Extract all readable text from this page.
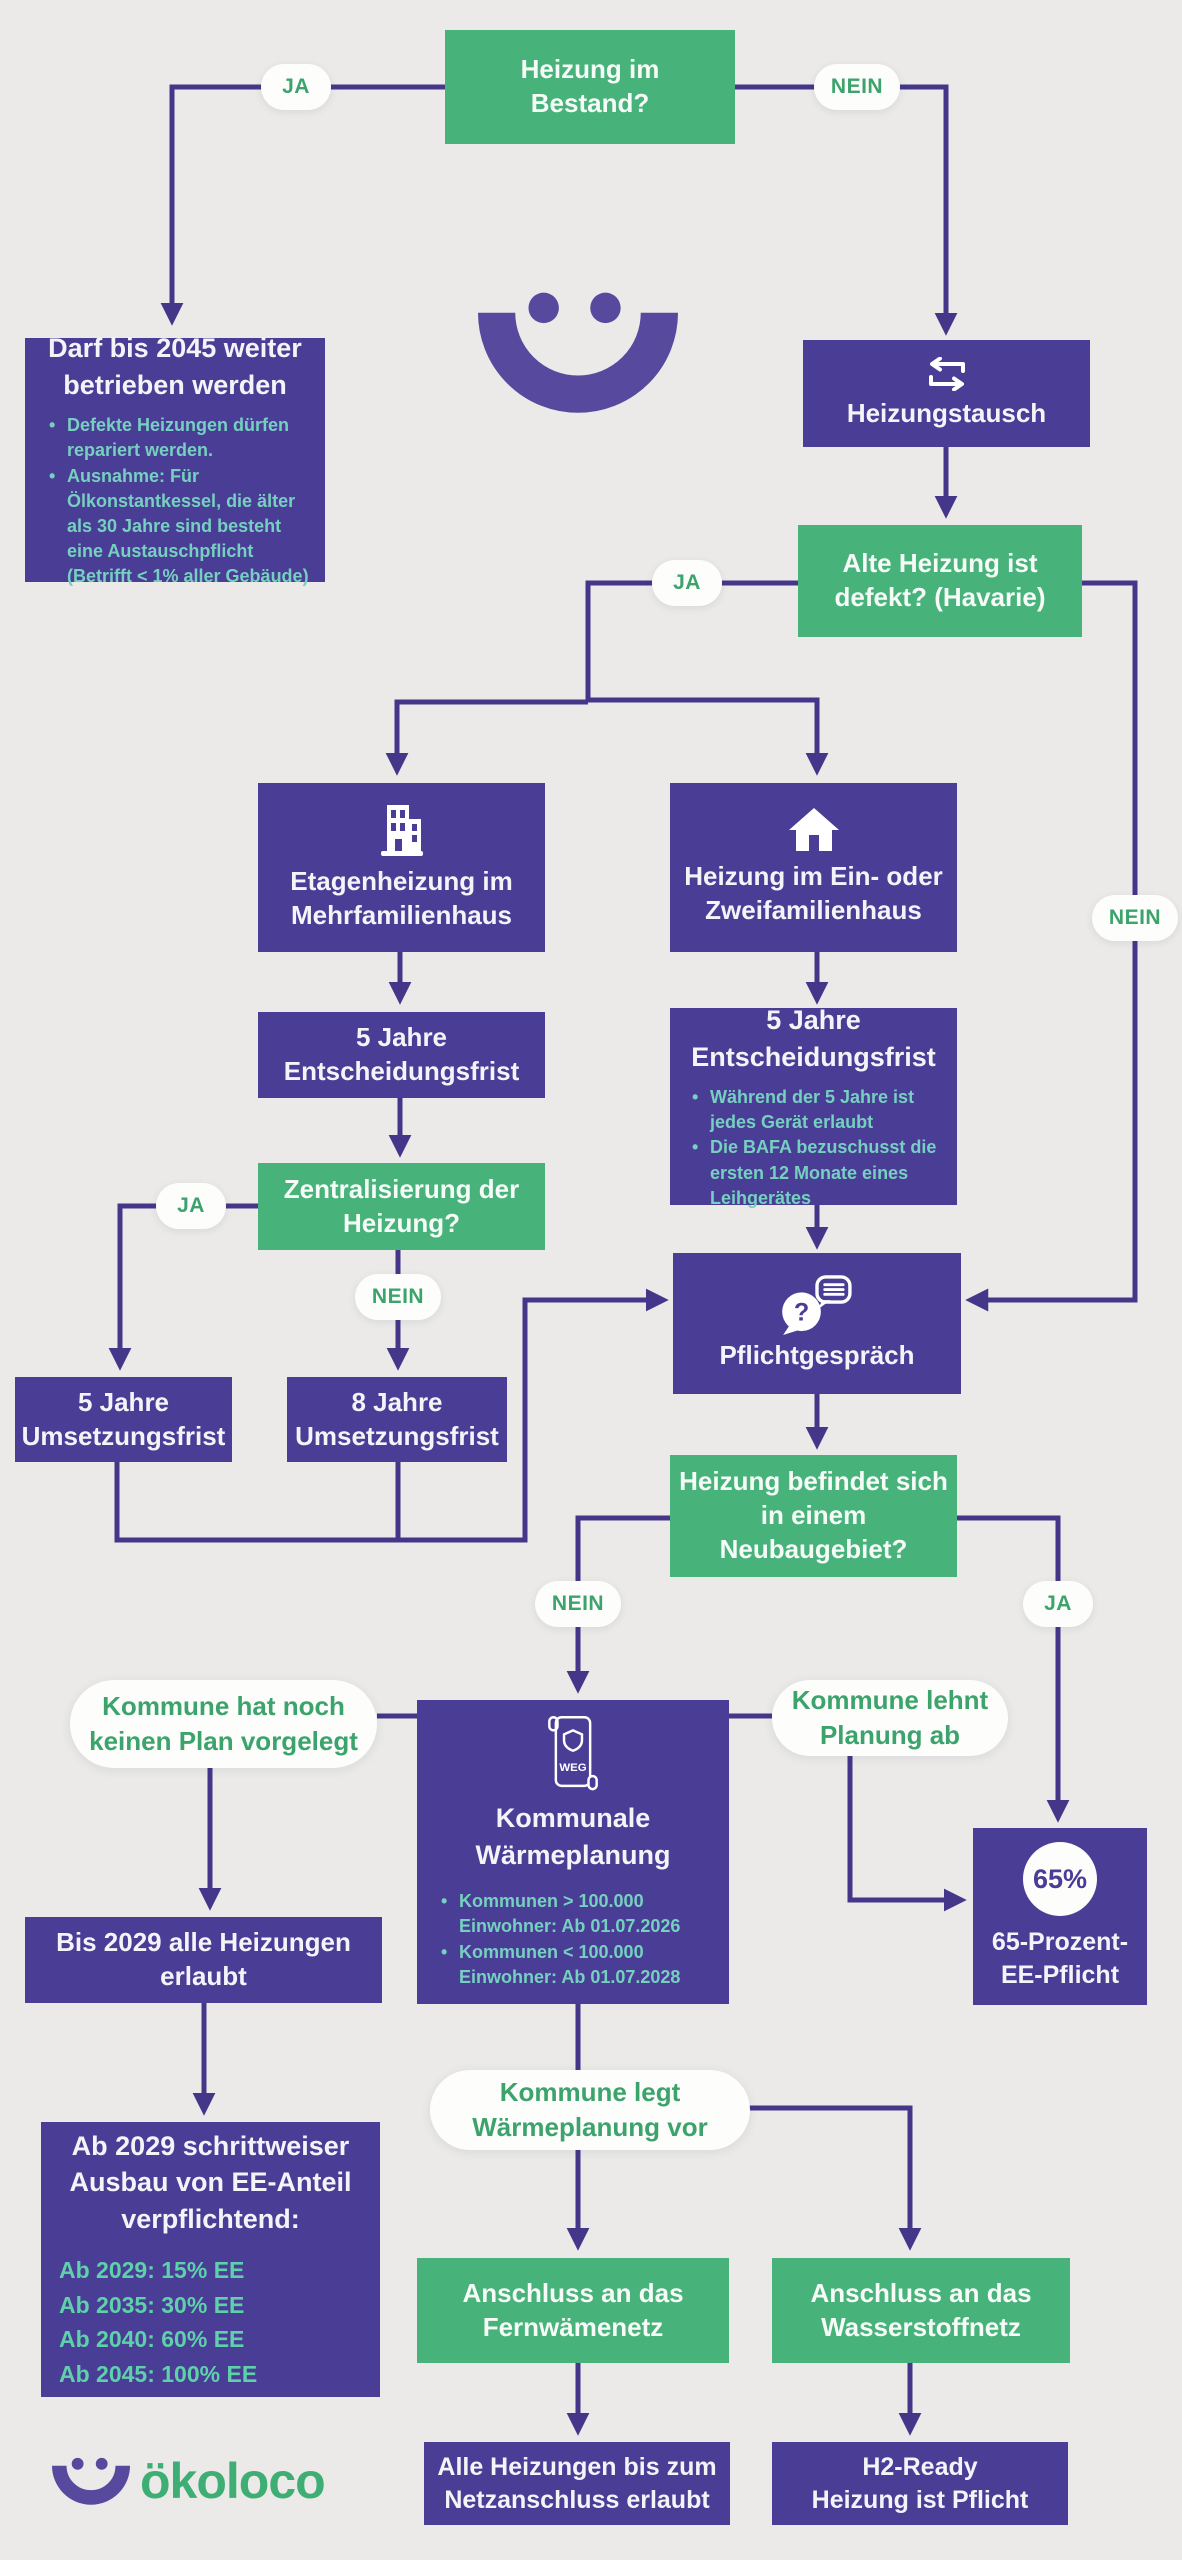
Heizung im Bestand?
Darf bis 2045 weiter betrieben werden
• Defekte Heizungen dürfen repariert werden.
• Ausnahme: Für Ölkonstantkessel, die älter als 30 Jahre sind besteht eine Austauschpflicht (Betrifft < 1% aller Gebäude)
Heizungstausch
Alte Heizung ist defekt? (Havarie)
Etagenheizung im Mehrfamilienhaus
Heizung im Ein- oder Zweifamilienhaus
5 Jahre Entscheidungsfrist
5 Jahre Entscheidungsfrist
• Während der 5 Jahre ist jedes Gerät erlaubt
• Die BAFA bezuschusst die ersten 12 Monate eines Leihgerätes
Zentralisierung der Heizung?
5 Jahre Umsetzungsfrist
8 Jahre Umsetzungsfrist
?
Pflichtgespräch
Heizung befindet sich in einem Neubaugebiet?
Kommune hat noch keinen Plan vorgelegt
WEG
Kommunale Wärmeplanung
• Kommunen > 100.000 Einwohner: Ab 01.07.2026
• Kommunen < 100.000 Einwohner: Ab 01.07.2028
Kommune lehnt Planung ab
65%
65-Prozent-EE-Pflicht
Bis 2029 alle Heizungen erlaubt
Ab 2029 schrittweiser Ausbau von EE-Anteil verpflichtend:
Ab 2029: 15% EE
Ab 2035: 30% EE
Ab 2040: 60% EE
Ab 2045: 100% EE
Kommune legt Wärmeplanung vor
Anschluss an das Fernwämenetz
Anschluss an das Wasserstoffnetz
Alle Heizungen bis zum Netzanschluss erlaubt
H2-Ready
Heizung ist Pflicht
JA	NEIN
JA
NEIN
JA
NEIN
NEIN	JA
ökoloco
